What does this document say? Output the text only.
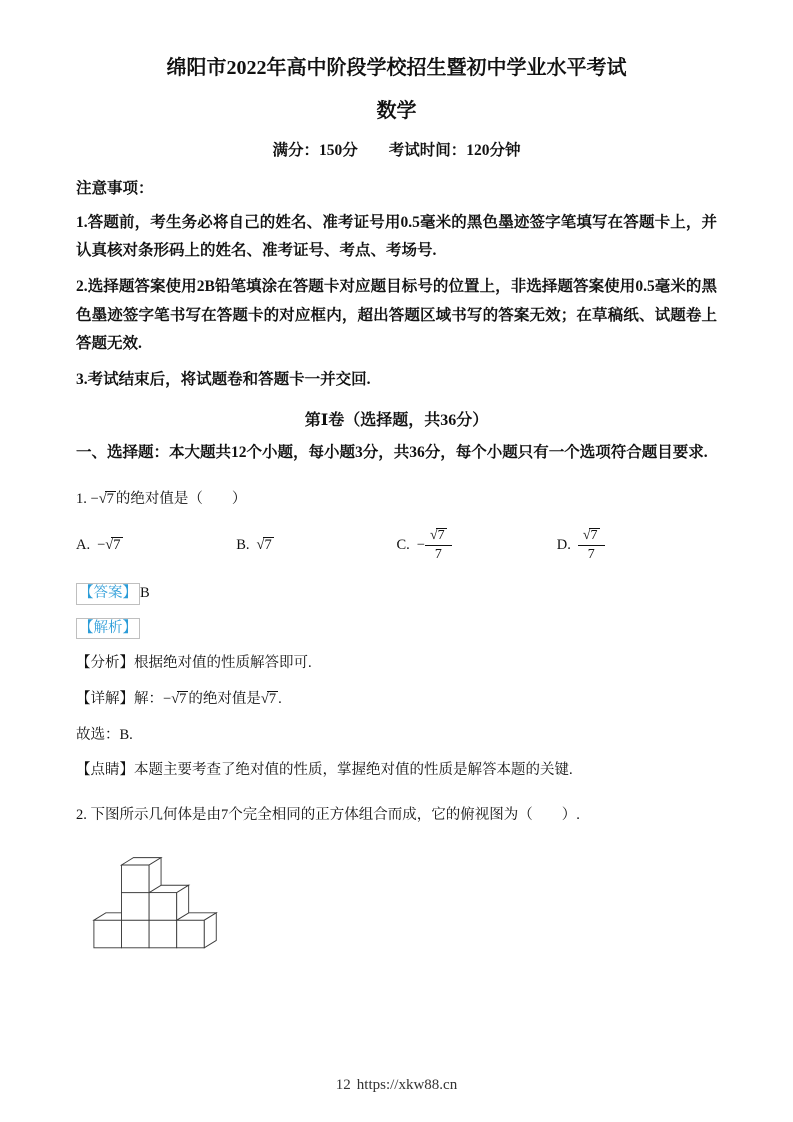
绵阳市2022年高中阶段学校招生暨初中学业水平考试
数学
满分：150分　　考试时间：120分钟
注意事项：

1.答题前，考生务必将自己的姓名、准考证号用0.5毫米的黑色墨迹签字笔填写在答题卡上，并认真核对条形码上的姓名、准考证号、考点、考场号.

2.选择题答案使用2B铅笔填涂在答题卡对应题目标号的位置上，非选择题答案使用0.5毫米的黑色墨迹签字笔书写在答题卡的对应框内，超出答题区域书写的答案无效；在草稿纸、试题卷上答题无效.

3.考试结束后，将试题卷和答题卡一并交回.

第Ⅰ卷（选择题，共36分）

一、选择题：本大题共12个小题，每小题3分，共36分，每个小题只有一个选项符合题目要求.

1. −√7 的绝对值是（　　）
A. −√7	B. √7	C. − $\frac{√7}{7}$	D. $\frac{√7}{7}$
【答案】 B
【解析】

【分析】根据绝对值的性质解答即可.

【详解】解：−√7 的绝对值是√7 .

故选：B.

【点睛】本题主要考查了绝对值的性质，掌握绝对值的性质是解答本题的关键.

2. 下图所示几何体是由7个完全相同的正方体组合而成，它的俯视图为（　　）.
12 https://xkw88.cn
